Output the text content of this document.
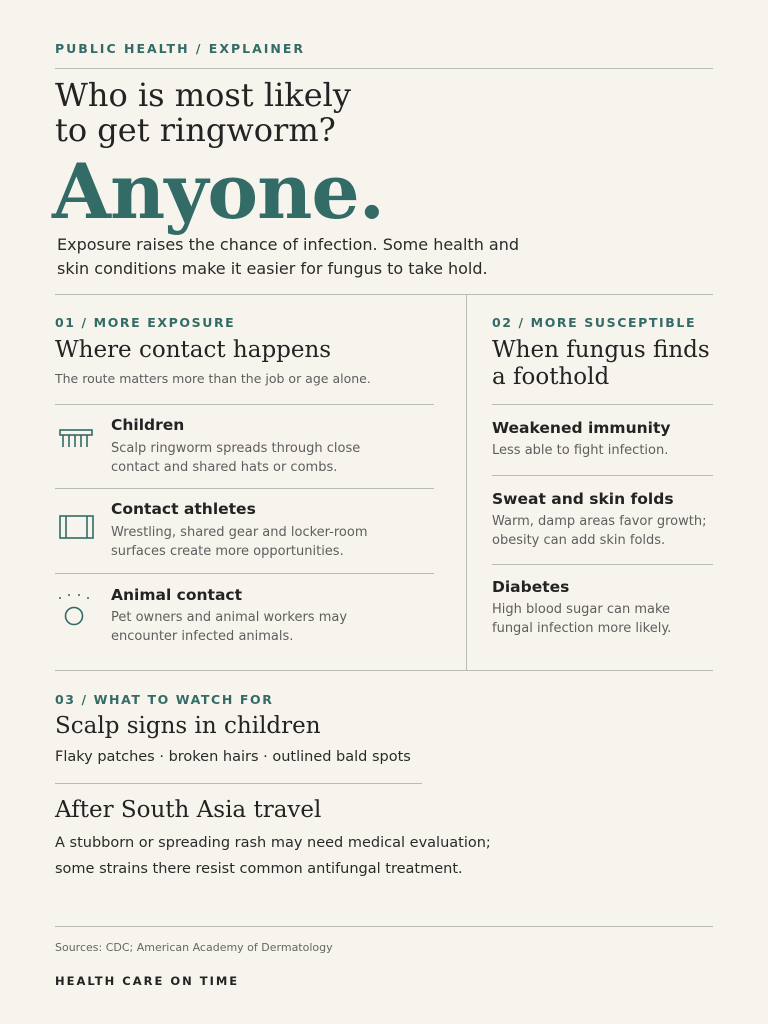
PUBLIC HEALTH / EXPLAINER
Who is most likely
to get ringworm?
Anyone.

Exposure raises the chance of infection. Some health and
skin conditions make it easier for fungus to take hold.

01 / MORE EXPOSURE
Where contact happens
The route matters more than the job or age alone.
Children
Scalp ringworm spreads through close
contact and shared hats or combs.
Contact athletes
Wrestling, shared gear and locker-room
surfaces create more opportunities.
Animal contact
Pet owners and animal workers may
encounter infected animals.
02 / MORE SUSCEPTIBLE
When fungus finds
a foothold
Weakened immunity
Less able to fight infection.
Sweat and skin folds
Warm, damp areas favor growth;
obesity can add skin folds.
Diabetes
High blood sugar can make
fungal infection more likely.
03 / WHAT TO WATCH FOR
Scalp signs in children
Flaky patches · broken hairs · outlined bald spots
After South Asia travel
A stubborn or spreading rash may need medical evaluation;
some strains there resist common antifungal treatment.
Sources: CDC; American Academy of Dermatology
HEALTH CARE ON TIME
